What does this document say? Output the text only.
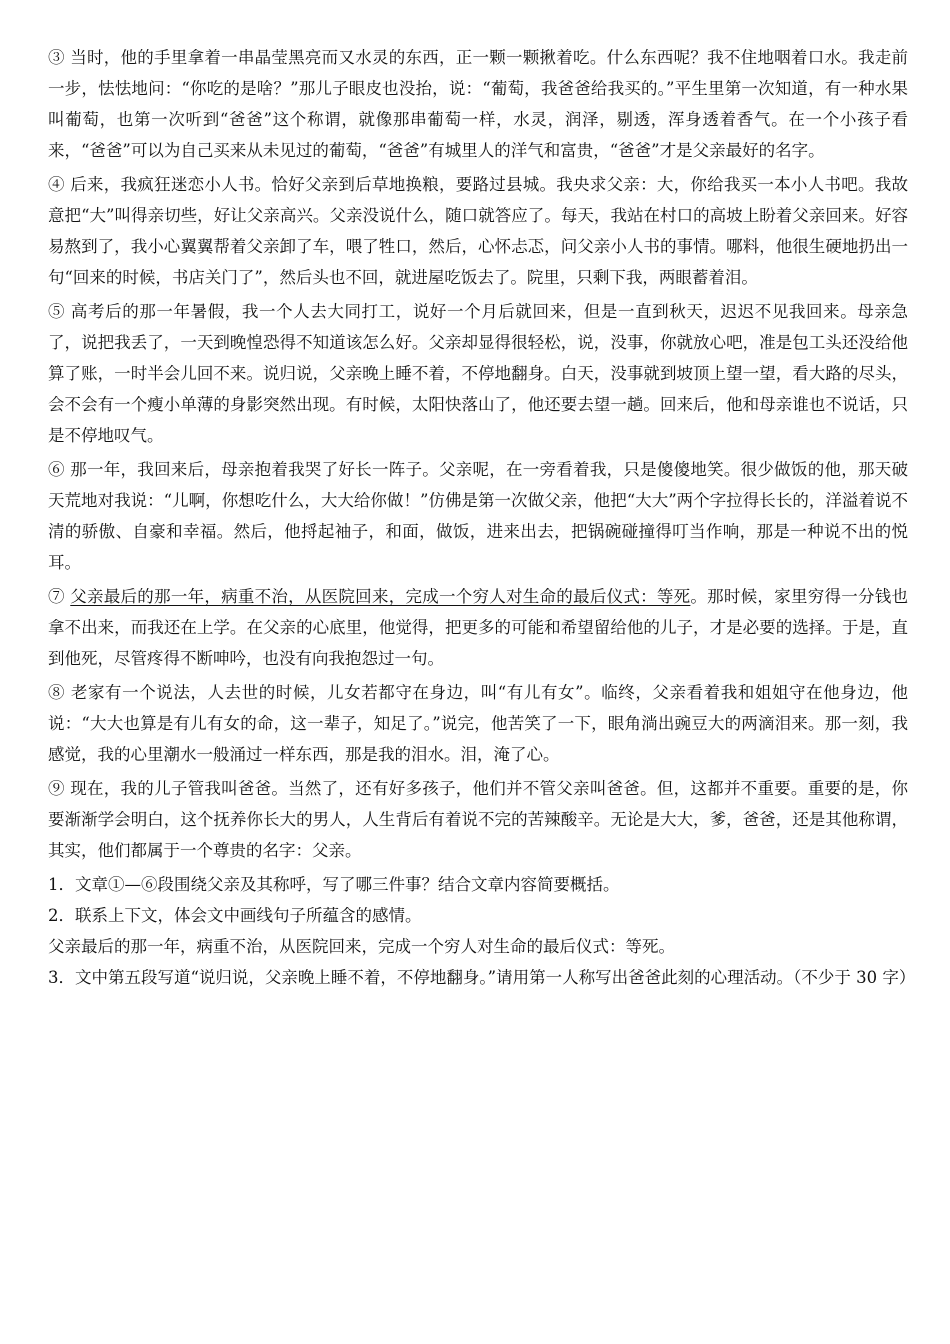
③ 当时，他的手里拿着一串晶莹黑亮而又水灵的东西，正一颗一颗揪着吃。什么东西呢？我不住地咽着口水。我走前一步，怯怯地问：“你吃的是啥？”那儿子眼皮也没抬，说：“葡萄，我爸爸给我买的。”平生里第一次知道，有一种水果叫葡萄，也第一次听到“爸爸”这个称谓，就像那串葡萄一样，水灵，润泽，剔透，浑身透着香气。在一个小孩子看来，“爸爸”可以为自己买来从未见过的葡萄，“爸爸”有城里人的洋气和富贵，“爸爸”才是父亲最好的名字。

④ 后来，我疯狂迷恋小人书。恰好父亲到后草地换粮，要路过县城。我央求父亲：大，你给我买一本小人书吧。我故意把“大”叫得亲切些，好让父亲高兴。父亲没说什么，随口就答应了。每天，我站在村口的高坡上盼着父亲回来。好容易熬到了，我小心翼翼帮着父亲卸了车，喂了牲口，然后，心怀忐忑，问父亲小人书的事情。哪料，他很生硬地扔出一句“回来的时候，书店关门了”，然后头也不回，就进屋吃饭去了。院里，只剩下我，两眼蓄着泪。

⑤ 高考后的那一年暑假，我一个人去大同打工，说好一个月后就回来，但是一直到秋天，迟迟不见我回来。母亲急了，说把我丢了，一天到晚惶恐得不知道该怎么好。父亲却显得很轻松，说，没事，你就放心吧，准是包工头还没给他算了账，一时半会儿回不来。说归说，父亲晚上睡不着，不停地翻身。白天，没事就到坡顶上望一望，看大路的尽头，会不会有一个瘦小单薄的身影突然出现。有时候，太阳快落山了，他还要去望一趟。回来后，他和母亲谁也不说话，只是不停地叹气。

⑥ 那一年，我回来后，母亲抱着我哭了好长一阵子。父亲呢，在一旁看着我，只是傻傻地笑。很少做饭的他，那天破天荒地对我说：“儿啊，你想吃什么，大大给你做！”仿佛是第一次做父亲，他把“大大”两个字拉得长长的，洋溢着说不清的骄傲、自豪和幸福。然后，他捋起袖子，和面，做饭，进来出去，把锅碗碰撞得叮当作响，那是一种说不出的悦耳。

⑦ 父亲最后的那一年，病重不治，从医院回来，完成一个穷人对生命的最后仪式：等死。那时候，家里穷得一分钱也拿不出来，而我还在上学。在父亲的心底里，他觉得，把更多的可能和希望留给他的儿子，才是必要的选择。于是，直到他死，尽管疼得不断呻吟，也没有向我抱怨过一句。

⑧ 老家有一个说法，人去世的时候，儿女若都守在身边，叫“有儿有女”。临终，父亲看着我和姐姐守在他身边，他说：“大大也算是有儿有女的命，这一辈子，知足了。”说完，他苦笑了一下，眼角淌出豌豆大的两滴泪来。那一刻，我感觉，我的心里潮水一般涌过一样东西，那是我的泪水。泪，淹了心。

⑨ 现在，我的儿子管我叫爸爸。当然了，还有好多孩子，他们并不管父亲叫爸爸。但，这都并不重要。重要的是，你要渐渐学会明白，这个抚养你长大的男人，人生背后有着说不完的苦辣酸辛。无论是大大，爹，爸爸，还是其他称谓，其实，他们都属于一个尊贵的名字：父亲。

1．文章①—⑥段围绕父亲及其称呼，写了哪三件事？结合文章内容简要概括。

2．联系上下文，体会文中画线句子所蕴含的感情。

父亲最后的那一年，病重不治，从医院回来，完成一个穷人对生命的最后仪式：等死。

3．文中第五段写道“说归说，父亲晚上睡不着，不停地翻身。”请用第一人称写出爸爸此刻的心理活动。（不少于 30 字）
